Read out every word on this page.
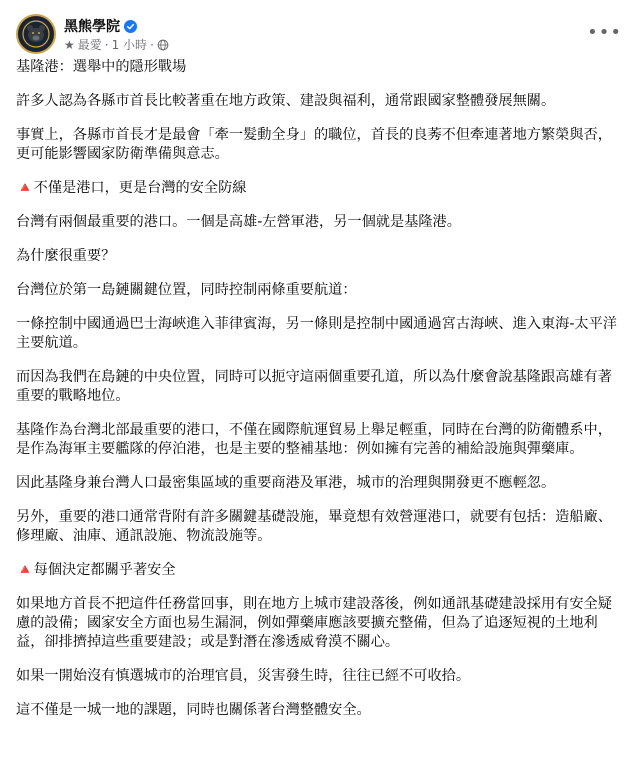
黑熊學院
★ 最愛 · 1 小時 ·
•••

基隆港：選舉中的隱形戰場

許多人認為各縣市首長比較著重在地方政策、建設與福利，通常跟國家整體發展無關。

事實上，各縣市首長才是最會「牽一髮動全身」的職位，首長的良莠不但牽連著地方繁榮與否，更可能影響國家防衛準備與意志。

🔺不僅是港口，更是台灣的安全防線

台灣有兩個最重要的港口。一個是高雄-左營軍港，另一個就是基隆港。

為什麼很重要？

台灣位於第一島鏈關鍵位置，同時控制兩條重要航道：

一條控制中國通過巴士海峽進入菲律賓海，另一條則是控制中國通過宮古海峽、進入東海-太平洋主要航道。

而因為我們在島鏈的中央位置，同時可以扼守這兩個重要孔道，所以為什麼會說基隆跟高雄有著重要的戰略地位。

基隆作為台灣北部最重要的港口，不僅在國際航運貿易上舉足輕重，同時在台灣的防衛體系中，是作為海軍主要艦隊的停泊港，也是主要的整補基地：例如擁有完善的補給設施與彈藥庫。

因此基隆身兼台灣人口最密集區域的重要商港及軍港，城市的治理與開發更不應輕忽。

另外，重要的港口通常背附有許多關鍵基礎設施，畢竟想有效營運港口，就要有包括：造船廠、修理廠、油庫、通訊設施、物流設施等。

🔺每個決定都關乎著安全

如果地方首長不把這件任務當回事，則在地方上城市建設落後，例如通訊基礎建設採用有安全疑慮的設備；國家安全方面也易生漏洞，例如彈藥庫應該要擴充整備，但為了追逐短視的土地利益，卻排擠掉這些重要建設；或是對潛在滲透威脅漠不關心。

如果一開始沒有慎選城市的治理官員，災害發生時，往往已經不可收拾。

這不僅是一城一地的課題，同時也關係著台灣整體安全。
